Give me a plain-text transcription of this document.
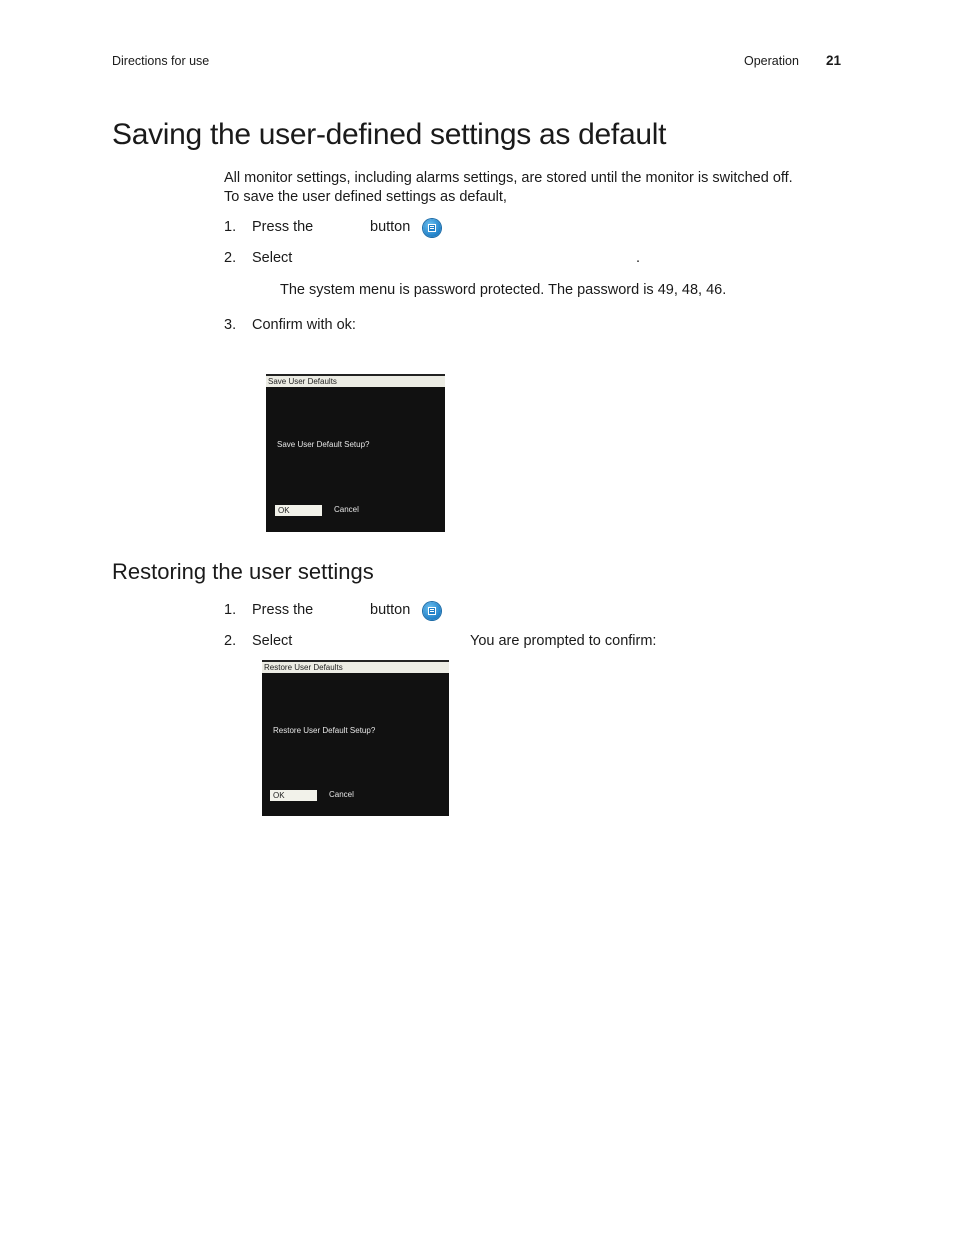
Directions for use	Operation 21
Saving the user-defined settings as default

All monitor settings, including alarms settings, are stored until the monitor is switched off.

To save the user defined settings as default,

1. Press the	button
2. Select	.
The system menu is password protected. The password is 49, 48, 46.
3. Confirm with ok:
Save User Defaults
Save User Default Setup?
OK	Cancel
Restoring the user settings
1. Press the	button
2. Select	You are prompted to confirm:
Restore User Defaults
Restore User Default Setup?
OK	Cancel
